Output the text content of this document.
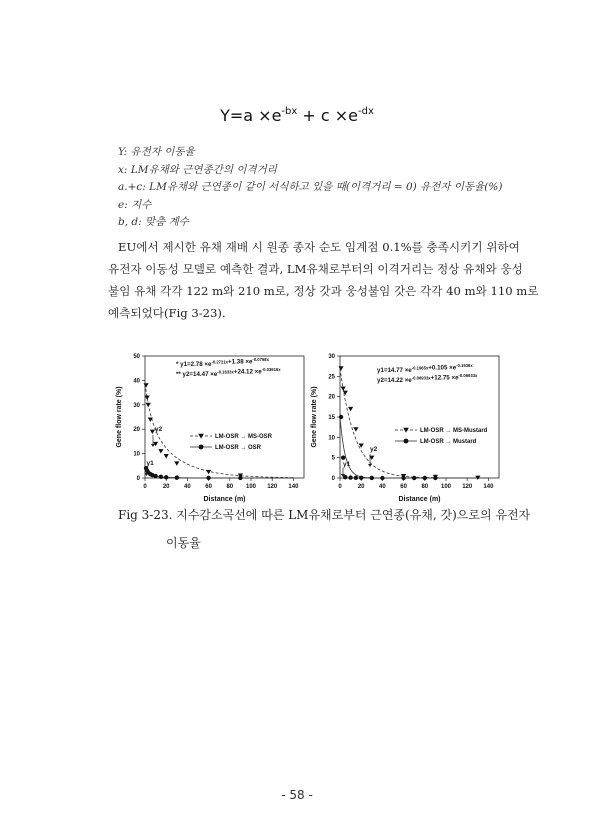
$Y=a \times e^{-bx} + c \times e^{-dx}$
Y: 유전자 이동율
x: LM유채와 근연종간의 이격거리
a.+c: LM유채와 근연종이 같이 서식하고 있을 때(이격거리 = 0) 유전자 이동율(%)
e: 지수
b, d: 맞춤 계수
EU에서 제시한 유채 재배 시 원종 종자 순도 임계점 0.1%를 충족시키기 위하여
유전자 이동성 모델로 예측한 결과, LM유채로부터의 이격거리는 정상 유채와 웅성
불임 유채 각각 122 m와 210 m로, 정상 갓과 웅성불임 갓은 각각 40 m와 110 m로
예측되었다(Fig 3-23).
0	20 40 60 80 100 120 140
0
10
20
30
40
50
Distance (m)
Gene flow rate (%)
* $y1=2.78 \times e^{-0.2721x}+1.38 \times e^{-0.0768x}$
** $y2=14.47 \times e^{-0.1633x}+24.12 \times e^{-0.03616x}$
LM-OSR → MS-OSR
LM-OSR → OSR
y1
y2
0	20 40 60 80 100 120 140
0
5
10
15
20
25
30
Distance (m)
Gene flow rate (%)
$y1=14.77 \times e^{-0.1965x}+0.105 \times e^{-0.1936x}$
$y2=14.22 \times e^{-0.06933x}+12.75 \times e^{-0.06933x}$
LM-OSR → MS-Mustard
LM-OSR → Mustard
y1
y2
Fig 3-23. 지수감소곡선에 따른 LM유채로부터 근연종(유채, 갓)으로의 유전자
이동율
- 58 -
